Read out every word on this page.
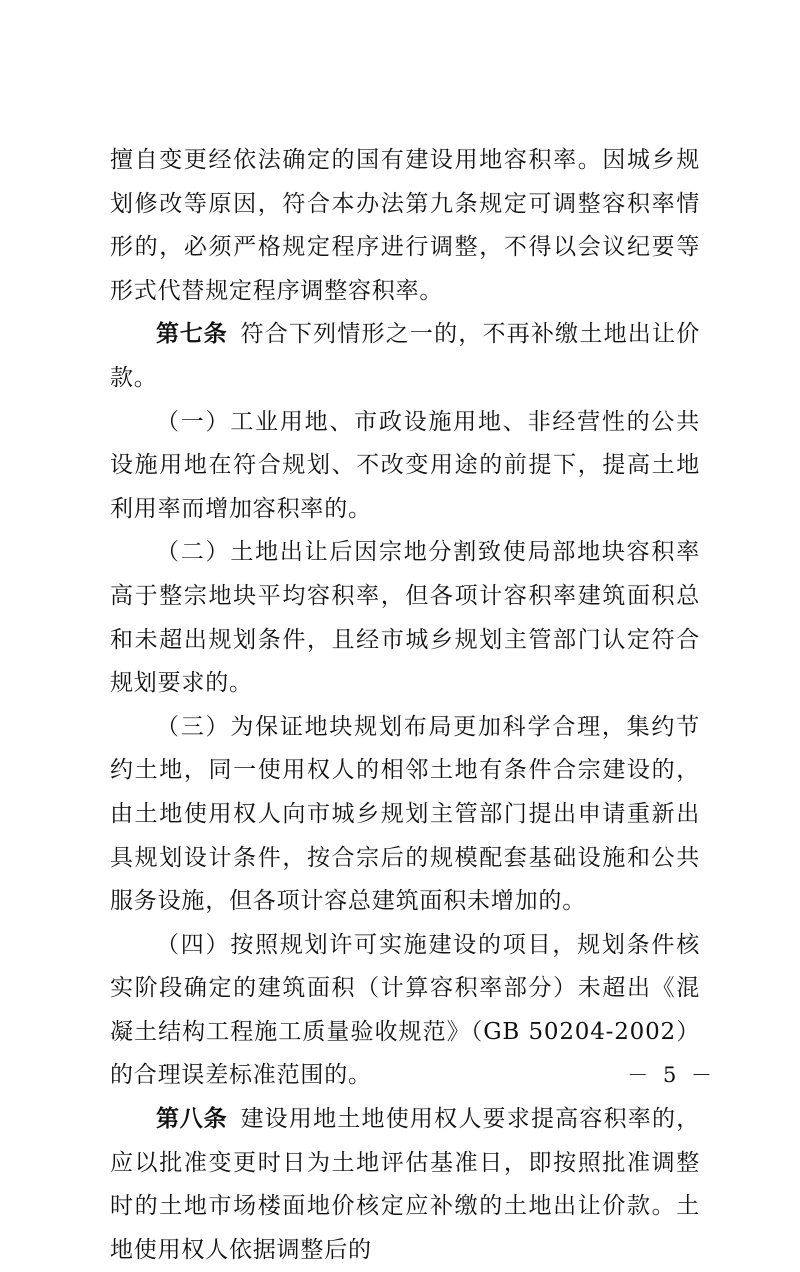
擅自变更经依法确定的国有建设用地容积率。因城乡规划修改等原因，符合本办法第九条规定可调整容积率情形的，必须严格规定程序进行调整，不得以会议纪要等形式代替规定程序调整容积率。

第七条 符合下列情形之一的，不再补缴土地出让价款。

（一）工业用地、市政设施用地、非经营性的公共设施用地在符合规划、不改变用途的前提下，提高土地利用率而增加容积率的。

（二）土地出让后因宗地分割致使局部地块容积率高于整宗地块平均容积率，但各项计容积率建筑面积总和未超出规划条件，且经市城乡规划主管部门认定符合规划要求的。

（三）为保证地块规划布局更加科学合理，集约节约土地，同一使用权人的相邻土地有条件合宗建设的，由土地使用权人向市城乡规划主管部门提出申请重新出具规划设计条件，按合宗后的规模配套基础设施和公共服务设施，但各项计容总建筑面积未增加的。

（四）按照规划许可实施建设的项目，规划条件核实阶段确定的建筑面积（计算容积率部分）未超出《混凝土结构工程施工质量验收规范》（GB 50204-2002）的合理误差标准范围的。

第八条 建设用地土地使用权人要求提高容积率的，应以批准变更时日为土地评估基准日，即按照批准调整时的土地市场楼面地价核定应补缴的土地出让价款。土地使用权人依据调整后的

－ 5 －
